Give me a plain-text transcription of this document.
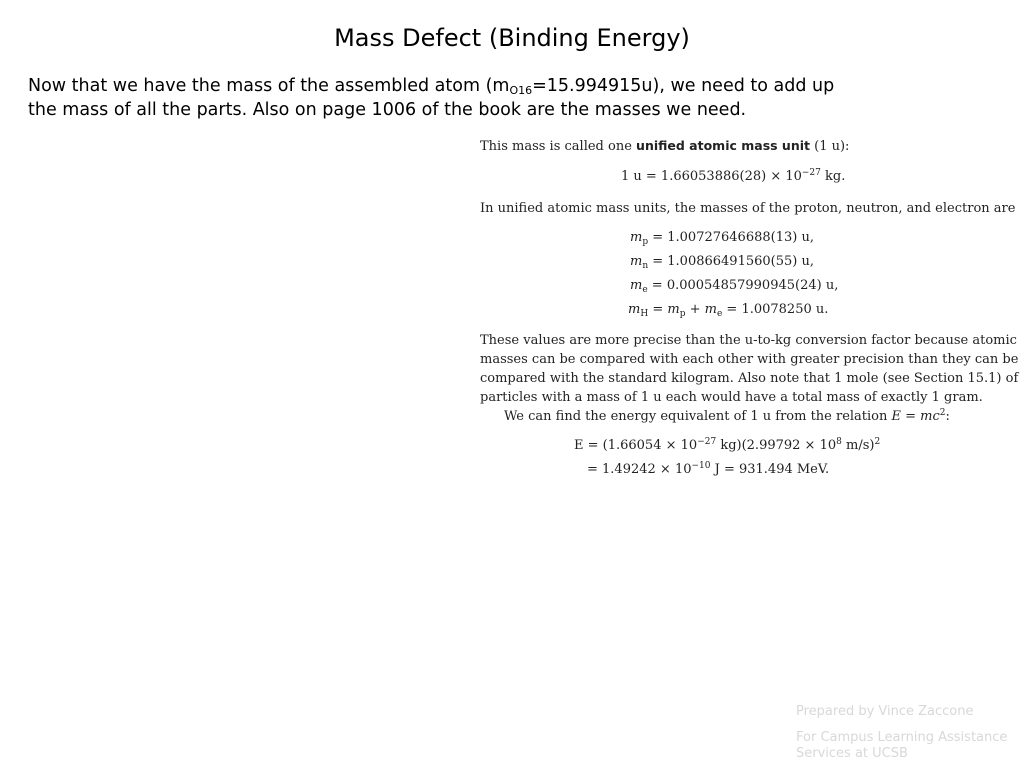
Mass Defect (Binding Energy)
Now that we have the mass of the assembled atom $(m_{O16}=15.994915u)$, we need to add up
the mass of all the parts. Also on page 1006 of the book are the masses we need.
This mass is called one unified atomic mass unit (1 u):
1 $u = 1.66053886(28) \times 10^{-27}$ kg.
In unified atomic mass units, the masses of the proton, neutron, and electron are
$m_p = 1.00727646688(13)$ u,
$m_n = 1.00866491560(55)$ u,
$m_e = 0.00054857990945(24)$ u,
$m_H = m_p + m_e = 1.0078250$ u.
These values are more precise than the u-to-kg conversion factor because atomic
masses can be compared with each other with greater precision than they can be
compared with the standard kilogram. Also note that 1 mole (see Section 15.1) of
particles with a mass of 1 u each would have a total mass of exactly 1 gram.
We can find the energy equivalent of 1 u from the relation $E = mc^2$:
$E = (1.66054 \times 10^{-27}$ $kg)(2.99792 \times 10^8$ m/s)$^2$
= $1.49242 \times 10^{-10}$ J = 931.494 MeV.
Prepared by Vince Zaccone
For Campus Learning Assistance Services at UCSB
